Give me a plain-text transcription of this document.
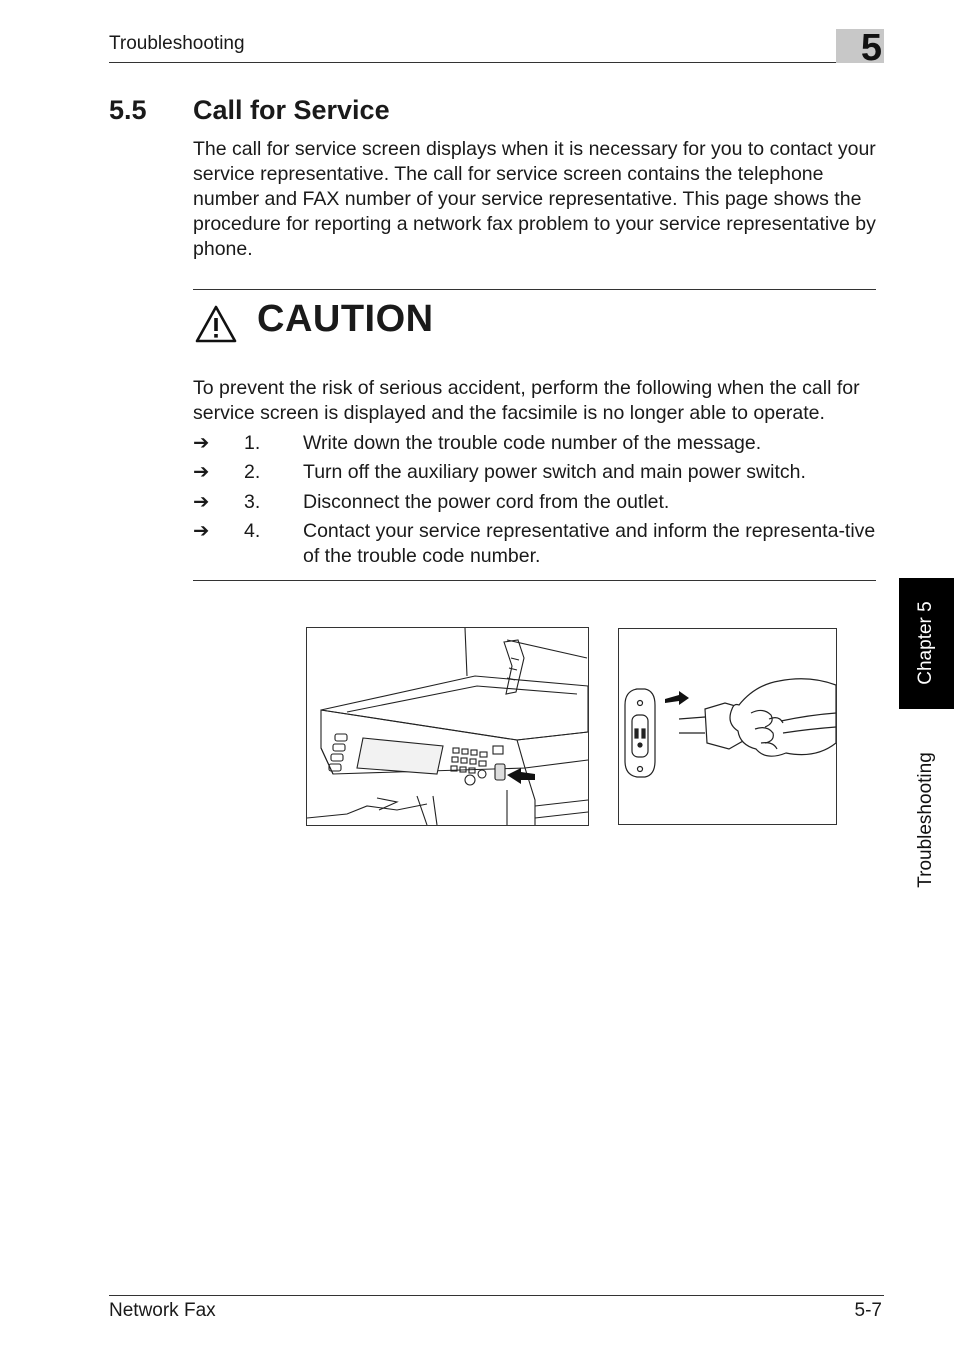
Troubleshooting	5
5.5 Call for Service

The call for service screen displays when it is necessary for you to contact your service representative. The call for service screen contains the telephone number and FAX number of your service representative. This page shows the procedure for reporting a network fax problem to your service representative by phone.

CAUTION

To prevent the risk of serious accident, perform the following when the call for service screen is displayed and the facsimile is no longer able to operate.

➔ 1. Write down the trouble code number of the message.
➔ 2. Turn off the auxiliary power switch and main power switch.
➔ 3. Disconnect the power cord from the outlet.
➔ 4. Contact your service representative and inform the representa-tive of the trouble code number.
Chapter 5
Troubleshooting
Network Fax	5-7
